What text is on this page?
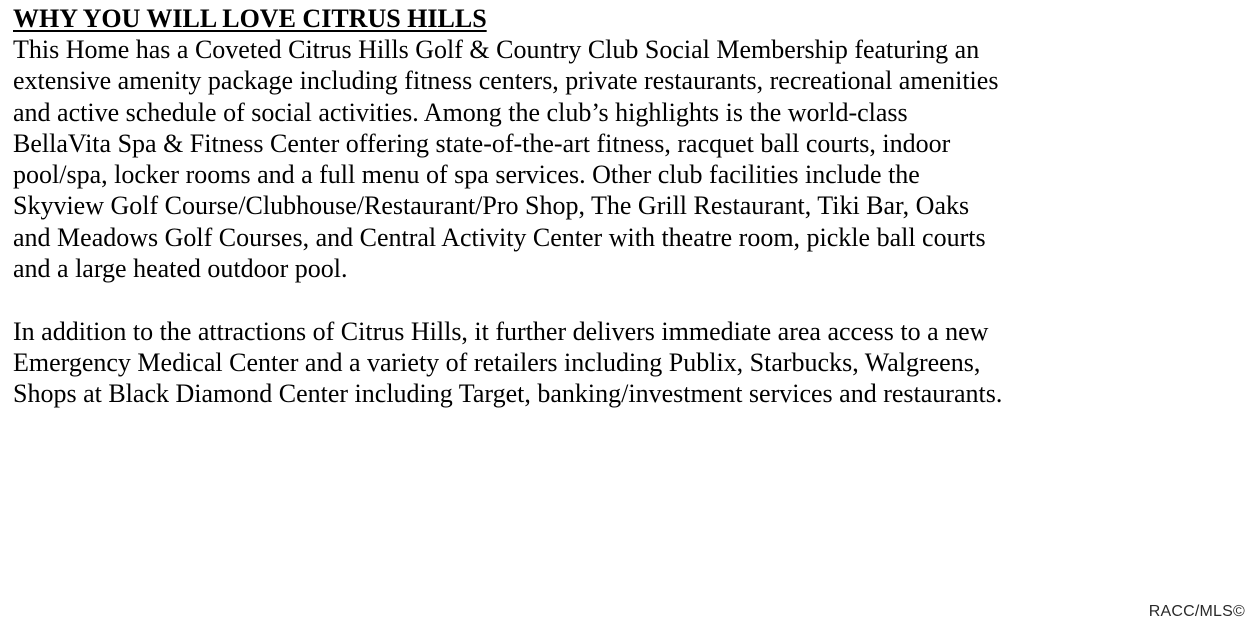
WHY YOU WILL LOVE CITRUS HILLS

This Home has a Coveted Citrus Hills Golf & Country Club Social Membership featuring an
extensive amenity package including fitness centers, private restaurants, recreational amenities
and active schedule of social activities. Among the club’s highlights is the world-class
BellaVita Spa & Fitness Center offering state-of-the-art fitness, racquet ball courts, indoor
pool/spa, locker rooms and a full menu of spa services. Other club facilities include the
Skyview Golf Course/Clubhouse/Restaurant/Pro Shop, The Grill Restaurant, Tiki Bar, Oaks
and Meadows Golf Courses, and Central Activity Center with theatre room, pickle ball courts
and a large heated outdoor pool.

In addition to the attractions of Citrus Hills, it further delivers immediate area access to a new
Emergency Medical Center and a variety of retailers including Publix, Starbucks, Walgreens,
Shops at Black Diamond Center including Target, banking/investment services and restaurants.

RACC/MLS©
